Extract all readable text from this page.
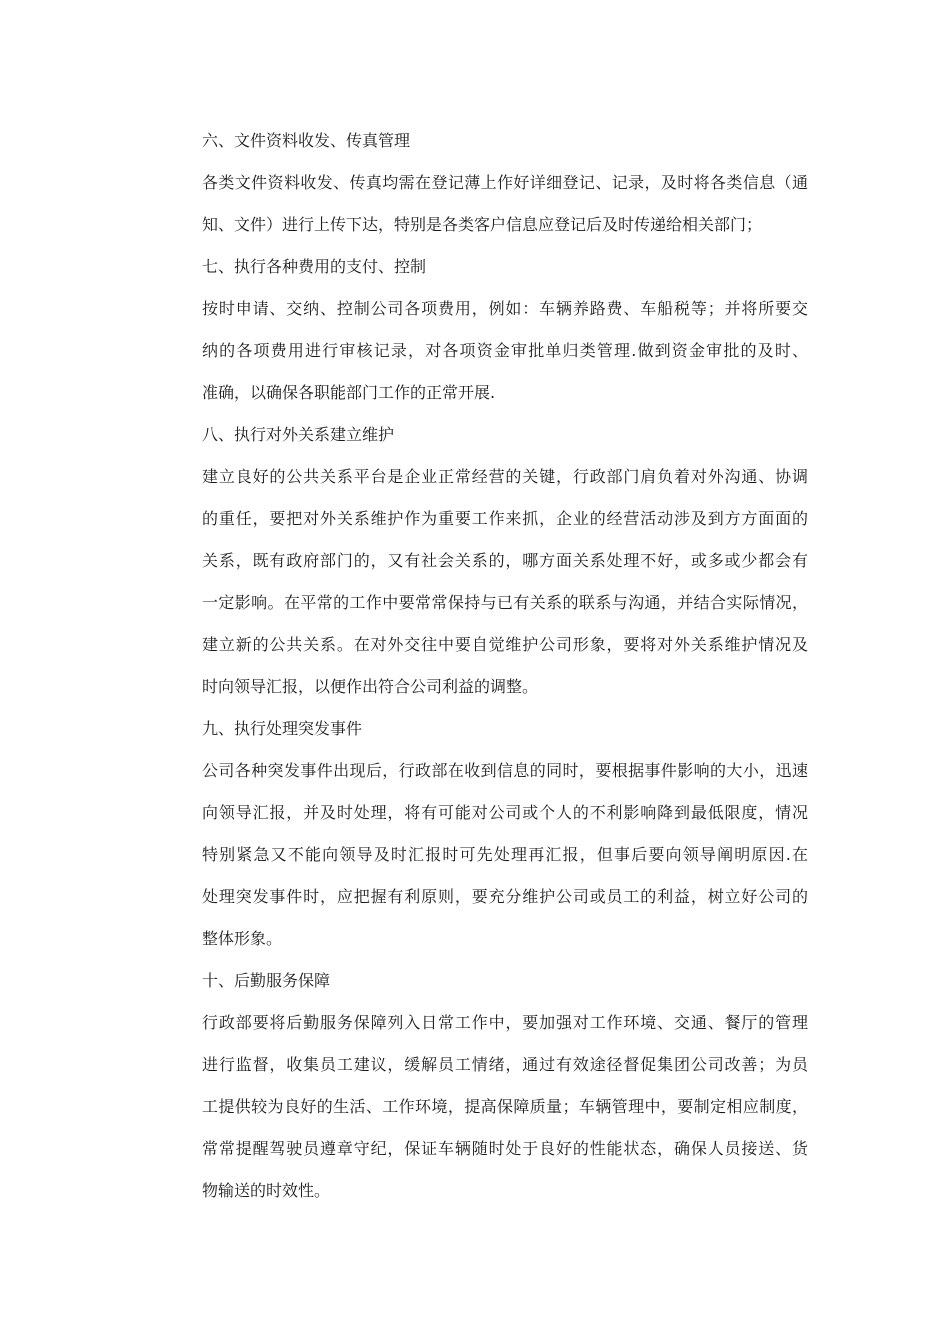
六、文件资料收发、传真管理
各类文件资料收发、传真均需在登记薄上作好详细登记、记录，及时将各类信息（通
知、文件）进行上传下达，特别是各类客户信息应登记后及时传递给相关部门；
七、执行各种费用的支付、控制
按时申请、交纳、控制公司各项费用，例如：车辆养路费、车船税等；并将所要交
纳的各项费用进行审核记录，对各项资金审批单归类管理.做到资金审批的及时、
准确，以确保各职能部门工作的正常开展.
八、执行对外关系建立维护
建立良好的公共关系平台是企业正常经营的关键，行政部门肩负着对外沟通、协调
的重任，要把对外关系维护作为重要工作来抓，企业的经营活动涉及到方方面面的
关系，既有政府部门的，又有社会关系的，哪方面关系处理不好，或多或少都会有
一定影响。在平常的工作中要常常保持与已有关系的联系与沟通，并结合实际情况，
建立新的公共关系。在对外交往中要自觉维护公司形象，要将对外关系维护情况及
时向领导汇报，以便作出符合公司利益的调整。
九、执行处理突发事件
公司各种突发事件出现后，行政部在收到信息的同时，要根据事件影响的大小，迅速
向领导汇报，并及时处理，将有可能对公司或个人的不利影响降到最低限度，情况
特别紧急又不能向领导及时汇报时可先处理再汇报，但事后要向领导阐明原因.在
处理突发事件时，应把握有利原则，要充分维护公司或员工的利益，树立好公司的
整体形象。
十、后勤服务保障
行政部要将后勤服务保障列入日常工作中，要加强对工作环境、交通、餐厅的管理
进行监督，收集员工建议，缓解员工情绪，通过有效途径督促集团公司改善；为员
工提供较为良好的生活、工作环境，提高保障质量；车辆管理中，要制定相应制度，
常常提醒驾驶员遵章守纪，保证车辆随时处于良好的性能状态，确保人员接送、货
物输送的时效性。
